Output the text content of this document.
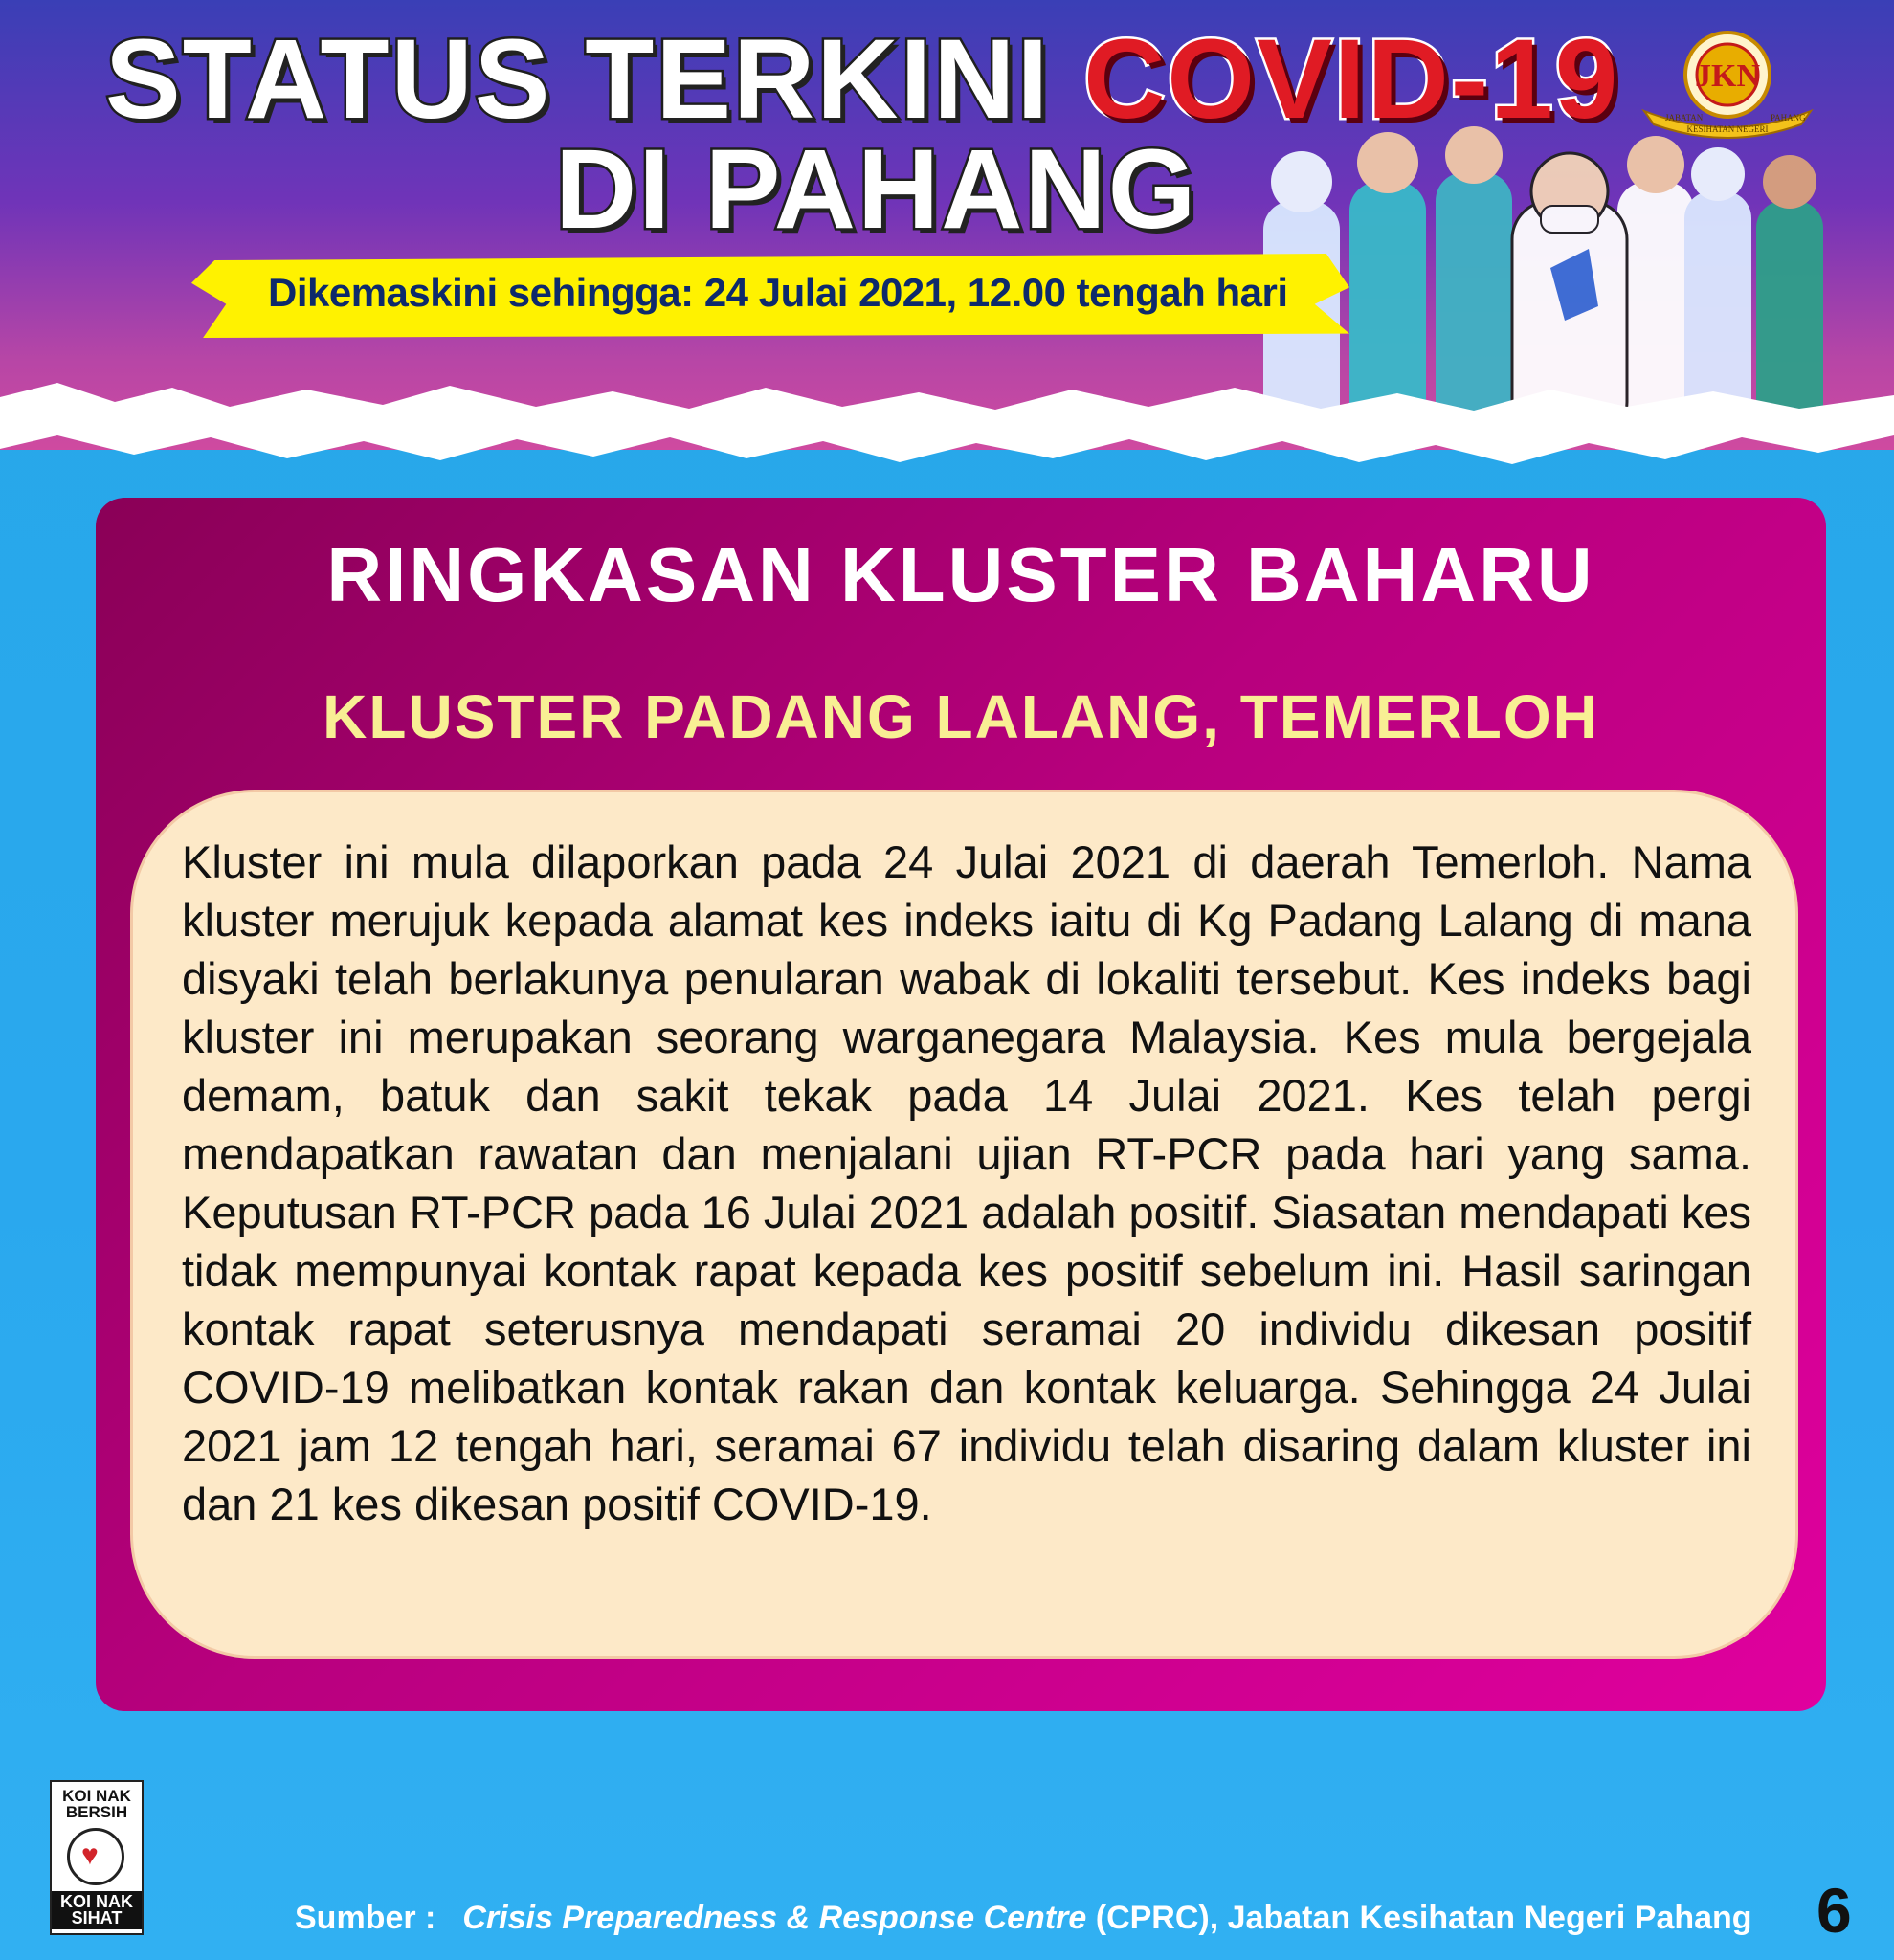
STATUS TERKINI COVID-19
DI PAHANG
Dikemaskini sehingga: 24 Julai 2021, 12.00 tengah hari
JKN
JABATAN
KESIHATAN NEGERI
PAHANG
RINGKASAN KLUSTER BAHARU
KLUSTER PADANG LALANG, TEMERLOH
Kluster ini mula dilaporkan pada 24 Julai 2021 di daerah Temerloh. Nama kluster merujuk kepada alamat kes indeks iaitu di Kg Padang Lalang di mana disyaki telah berlakunya penularan wabak di lokaliti tersebut. Kes indeks bagi kluster ini merupakan seorang warganegara Malaysia. Kes mula bergejala demam, batuk dan sakit tekak pada 14 Julai 2021. Kes telah pergi mendapatkan rawatan dan menjalani ujian RT-PCR pada hari yang sama. Keputusan RT-PCR pada 16 Julai 2021 adalah positif. Siasatan mendapati kes tidak mempunyai kontak rapat kepada kes positif sebelum ini. Hasil saringan kontak rapat seterusnya mendapati seramai 20 individu dikesan positif COVID-19 melibatkan kontak rakan dan kontak keluarga. Sehingga 24 Julai 2021 jam 12 tengah hari, seramai 67 individu telah disaring dalam kluster ini dan 21 kes dikesan positif COVID-19.
KOI NAK BERSIH
♥
KOI NAK SIHAT	Sumber : Crisis Preparedness & Response Centre (CPRC), Jabatan Kesihatan Negeri Pahang 6
